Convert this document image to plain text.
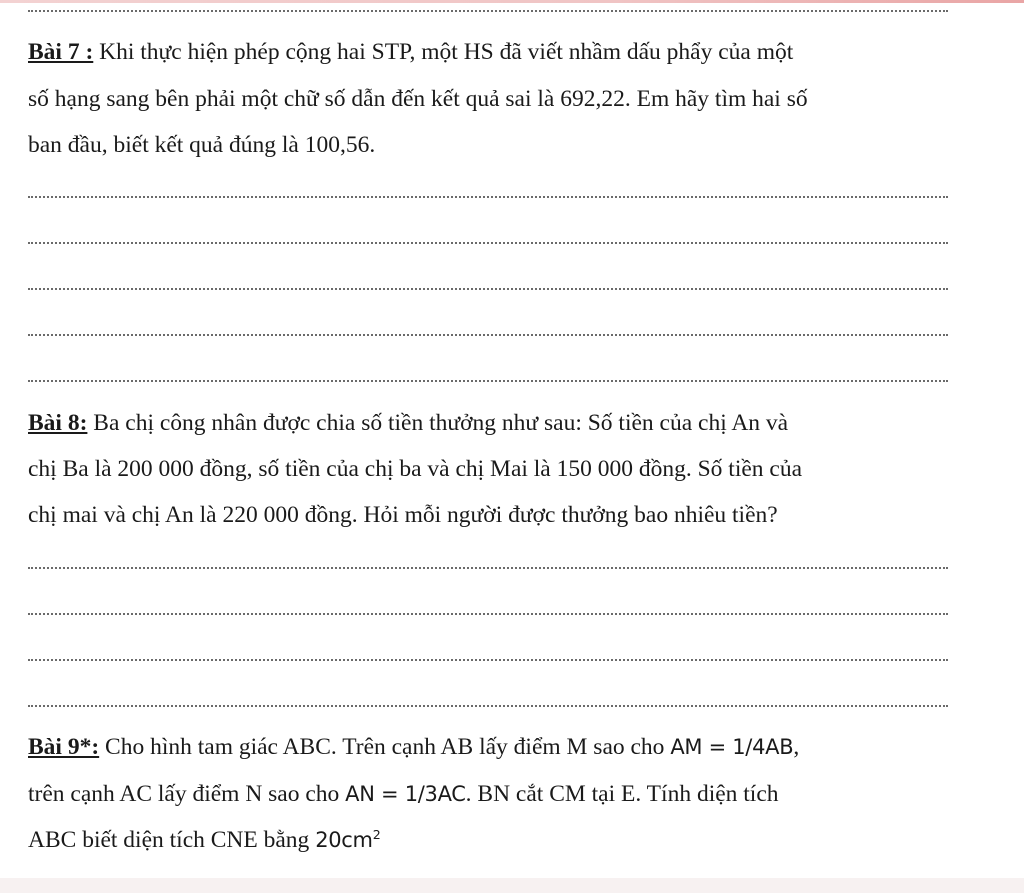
Bài 7 : Khi thực hiện phép cộng hai STP, một HS đã viết nhầm dấu phẩy của một
số hạng sang bên phải một chữ số dẫn đến kết quả sai là 692,22. Em hãy tìm hai số
ban đầu, biết kết quả đúng là 100,56.
Bài 8: Ba chị công nhân được chia số tiền thưởng như sau: Số tiền của chị An và
chị Ba là 200 000 đồng, số tiền của chị ba và chị Mai là 150 000 đồng. Số tiền của
chị mai và chị An là 220 000 đồng. Hỏi mỗi người được thưởng bao nhiêu tiền?
Bài 9*: Cho hình tam giác ABC. Trên cạnh AB lấy điểm M sao cho AM = 1/4AB,
trên cạnh AC lấy điểm N sao cho AN = 1/3AC. BN cắt CM tại E. Tính diện tích
ABC biết diện tích CNE bằng $20cm^2$
